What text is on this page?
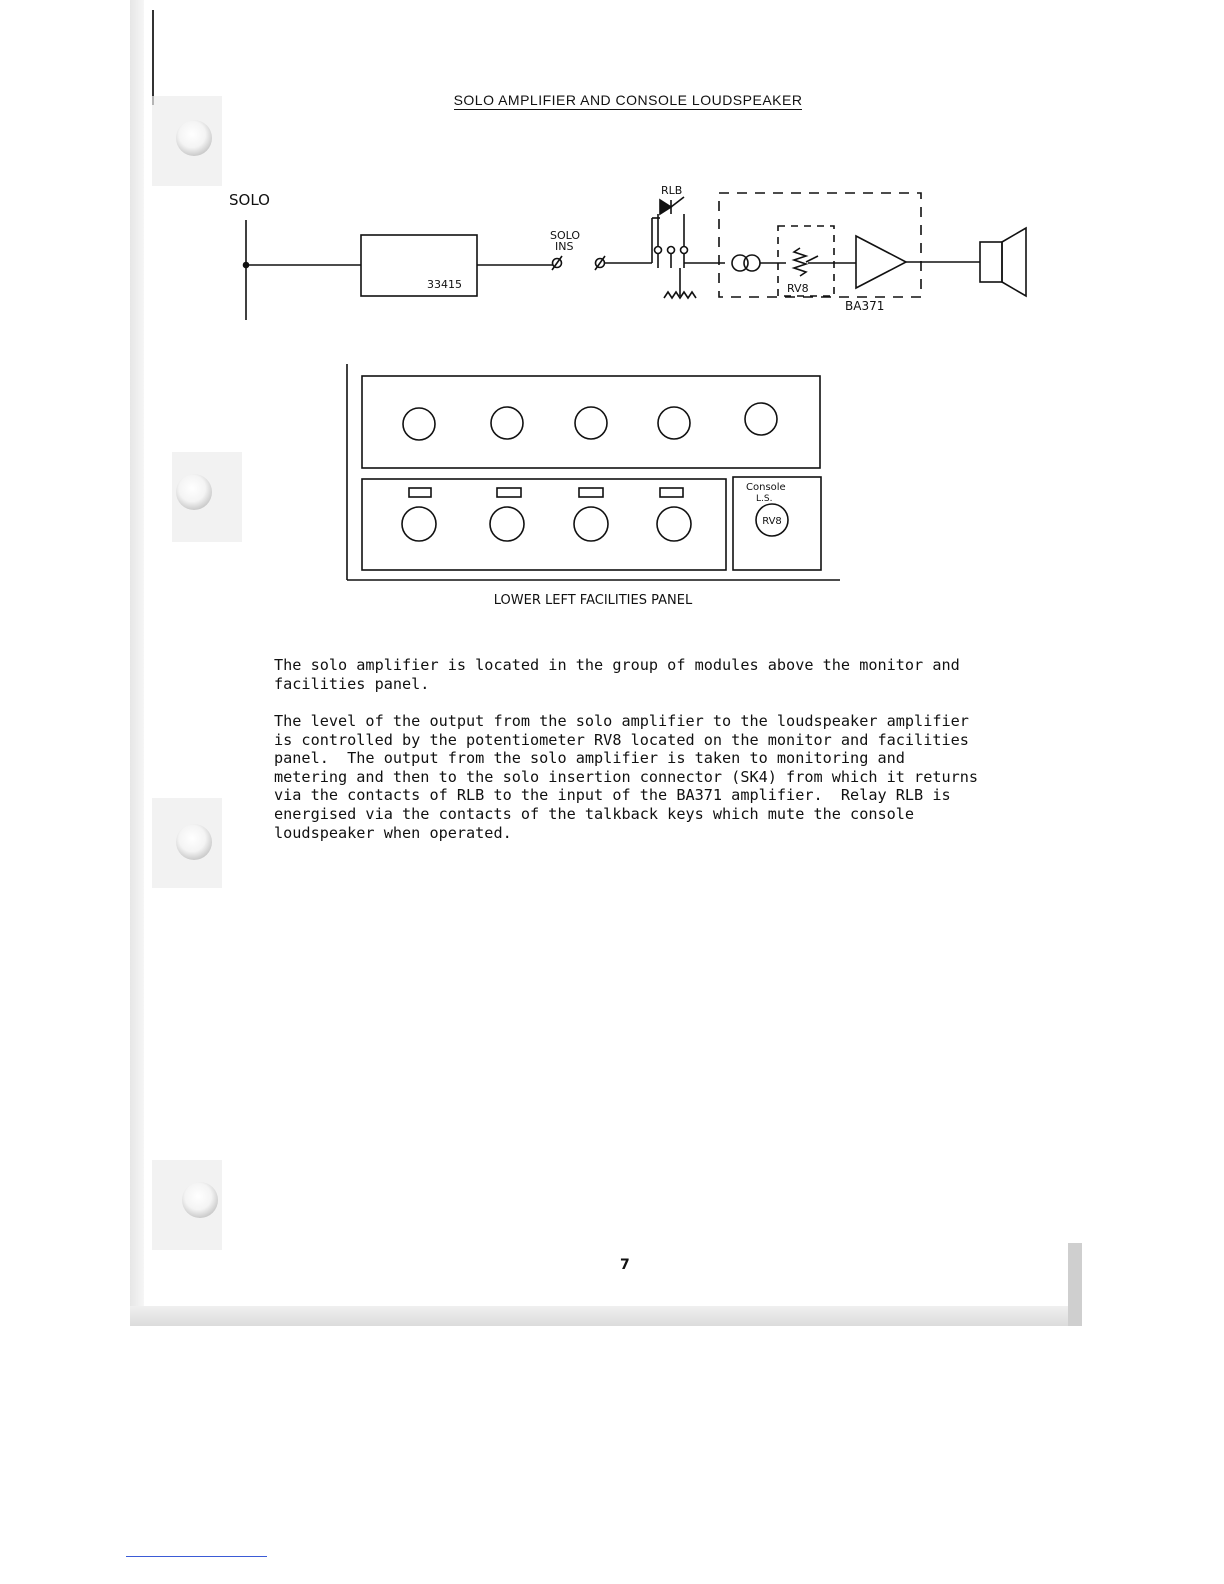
SOLO AMPLIFIER AND CONSOLE LOUDSPEAKER
SOLO
33415
SOLO
INS
RLB
RV8
BA371
Console
L.S.
RV8
LOWER LEFT FACILITIES PANEL

The solo amplifier is located in the group of modules above the monitor and
facilities panel.

The level of the output from the solo amplifier to the loudspeaker amplifier
is controlled by the potentiometer RV8 located on the monitor and facilities
panel.  The output from the solo amplifier is taken to monitoring and
metering and then to the solo insertion connector (SK4) from which it returns
via the contacts of RLB to the input of the BA371 amplifier.  Relay RLB is
energised via the contacts of the talkback keys which mute the console
loudspeaker when operated.

7
